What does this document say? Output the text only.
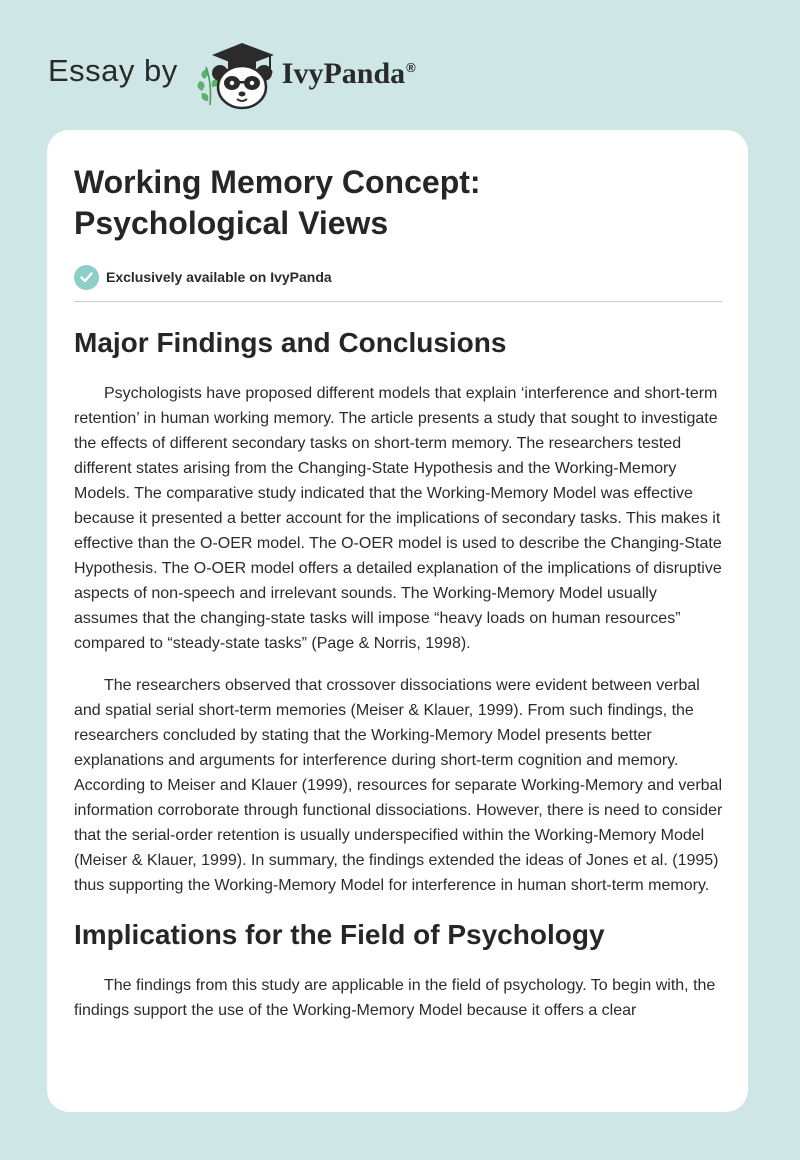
Essay by	IvyPanda®
Working Memory Concept:
Psychological Views
Exclusively available on IvyPanda
Major Findings and Conclusions

Psychologists have proposed different models that explain ‘interference and short-term retention’ in human working memory. The article presents a study that sought to investigate the effects of different secondary tasks on short-term memory. The researchers tested different states arising from the Changing-State Hypothesis and the Working-Memory Models. The comparative study indicated that the Working-Memory Model was effective because it presented a better account for the implications of secondary tasks. This makes it effective than the O-OER model. The O-OER model is used to describe the Changing-State Hypothesis. The O-OER model offers a detailed explanation of the implications of disruptive aspects of non-speech and irrelevant sounds. The Working-Memory Model usually assumes that the changing-state tasks will impose “heavy loads on human resources” compared to “steady-state tasks” (Page & Norris, 1998).

The researchers observed that crossover dissociations were evident between verbal and spatial serial short-term memories (Meiser & Klauer, 1999). From such findings, the researchers concluded by stating that the Working-Memory Model presents better explanations and arguments for interference during short-term cognition and memory. According to Meiser and Klauer (1999), resources for separate Working-Memory and verbal information corroborate through functional dissociations. However, there is need to consider that the serial-order retention is usually underspecified within the Working-Memory Model (Meiser & Klauer, 1999). In summary, the findings extended the ideas of Jones et al. (1995) thus supporting the Working-Memory Model for interference in human short-term memory.

Implications for the Field of Psychology

The findings from this study are applicable in the field of psychology. To begin with, the findings support the use of the Working-Memory Model because it offers a clear
